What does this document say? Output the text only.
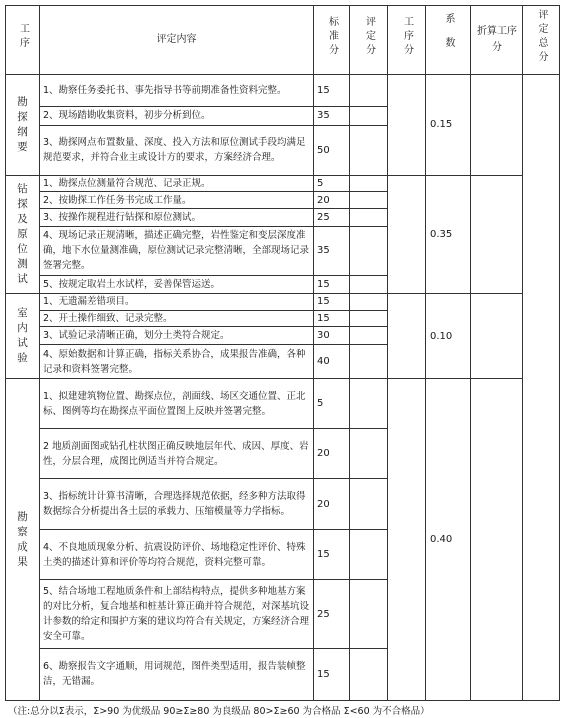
工序	评定内容	标准分	评定分	工序分	系数	折算工序分	评定总分
勘探纲要	1、勘察任务委托书、事先指导书等前期准备性资料完整。	15			0.15		
	2、现场踏勘收集资料，初步分析到位。	35					
	3、勘探网点布置数量、深度、投入方法和原位测试手段均满足规范要求，并符合业主或设计方的要求，方案经济合理。	50					
钻探及原位测试	1、勘探点位测量符合规范、记录正规。	5			0.35		
	2、按勘探工作任务书完成工作量。	20					
	3、按操作规程进行钻探和原位测试。	25					
	4、现场记录正规清晰，描述正确完整，岩性鉴定和变层深度准确，地下水位量测准确，原位测试记录完整清晰，全部现场记录签署完整。	35					
	5、按规定取岩土水试样，妥善保管运送。	15					
室内试验	1、无遗漏差错项目。	15			0.10		
	2、开土操作细致、记录完整。	15					
	3、试验记录清晰正确，划分土类符合规定。	30					
	4、原始数据和计算正确，指标关系协合，成果报告准确，各种记录和资料签署完整。	40					
勘察成果	1、拟建建筑物位置、勘探点位，剖面线、场区交通位置、正北标、图例等均在勘探点平面位置图上反映并签署完整。	5			0.40		
	2 地质剖面图或钻孔柱状图正确反映地层年代、成因、厚度、岩性，分层合理，成图比例适当并符合规定。	20					
	3、指标统计计算书清晰，合理选择规范依据，经多种方法取得数据综合分析提出各土层的承载力、压缩模量等力学指标。	20					
	4、不良地质现象分析、抗震设防评价、场地稳定性评价、特殊土类的描述计算和评价等均符合规范，资料完整可靠。	15					
	5、结合场地工程地质条件和上部结构特点，提供多种地基方案的对比分析，复合地基和桩基计算正确并符合规范，对深基坑设计参数的给定和围护方案的建议均符合有关规定，方案经济合理安全可靠。	25					
	6、勘察报告文字通顺，用词规范，图件类型适用，报告装帧整洁，无错漏。	15					
（注:总分以Σ表示，Σ>90 为优级品 90≥Σ≥80 为良级品 80>Σ≥60 为合格品 Σ<60 为不合格品）
